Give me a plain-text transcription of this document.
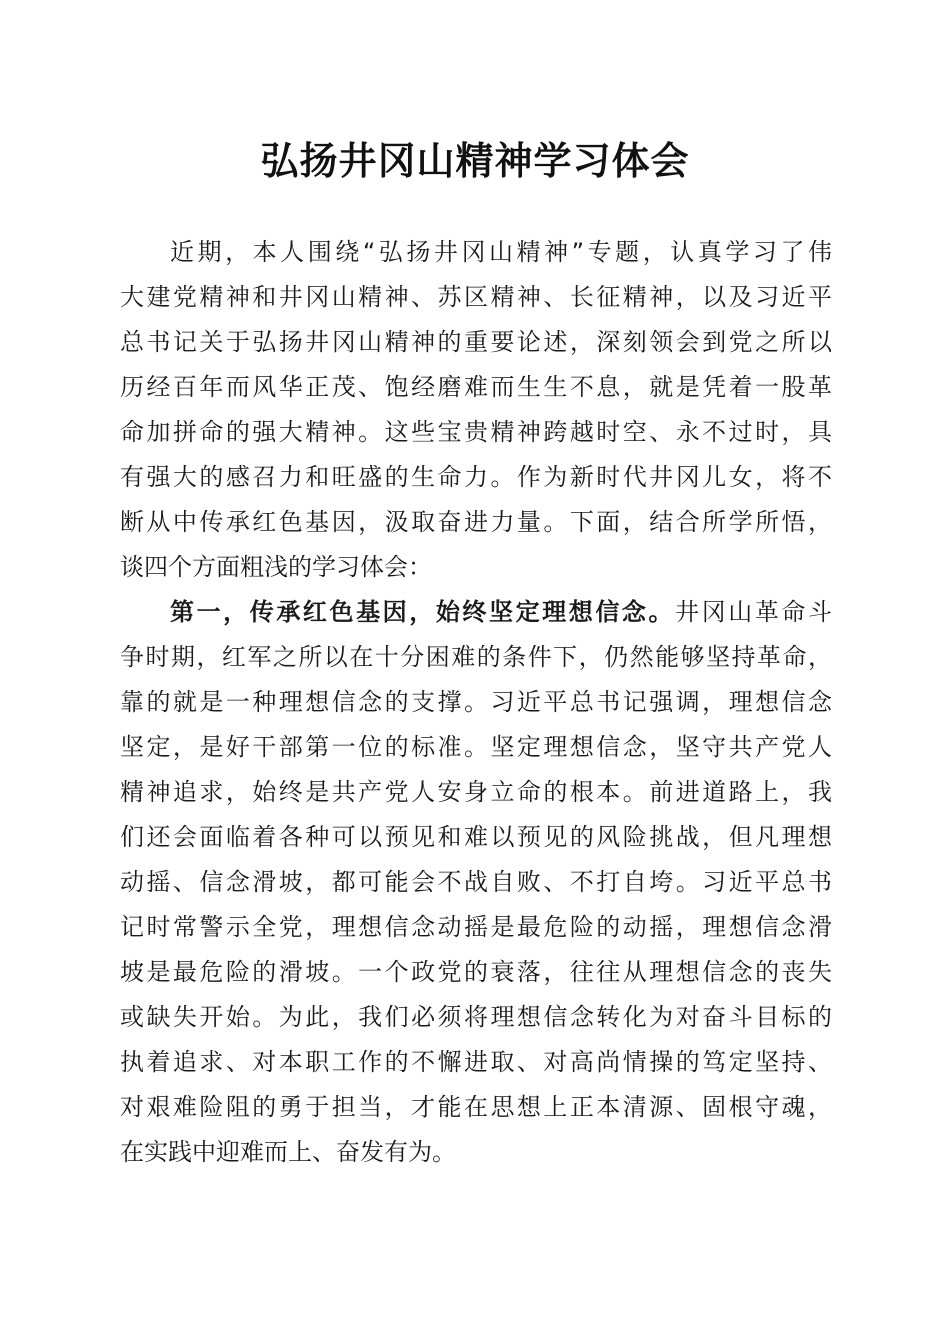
弘扬井冈山精神学习体会
近期，本人围绕“弘扬井冈山精神”专题，认真学习了伟
大建党精神和井冈山精神、苏区精神、长征精神，以及习近平
总书记关于弘扬井冈山精神的重要论述，深刻领会到党之所以
历经百年而风华正茂、饱经磨难而生生不息，就是凭着一股革
命加拼命的强大精神。这些宝贵精神跨越时空、永不过时，具
有强大的感召力和旺盛的生命力。作为新时代井冈儿女，将不
断从中传承红色基因，汲取奋进力量。下面，结合所学所悟，
谈四个方面粗浅的学习体会：
第一，传承红色基因，始终坚定理想信念。井冈山革命斗
争时期，红军之所以在十分困难的条件下，仍然能够坚持革命，
靠的就是一种理想信念的支撑。习近平总书记强调，理想信念
坚定，是好干部第一位的标准。坚定理想信念，坚守共产党人
精神追求，始终是共产党人安身立命的根本。前进道路上，我
们还会面临着各种可以预见和难以预见的风险挑战，但凡理想
动摇、信念滑坡，都可能会不战自败、不打自垮。习近平总书
记时常警示全党，理想信念动摇是最危险的动摇，理想信念滑
坡是最危险的滑坡。一个政党的衰落，往往从理想信念的丧失
或缺失开始。为此，我们必须将理想信念转化为对奋斗目标的
执着追求、对本职工作的不懈进取、对高尚情操的笃定坚持、
对艰难险阻的勇于担当，才能在思想上正本清源、固根守魂，
在实践中迎难而上、奋发有为。
